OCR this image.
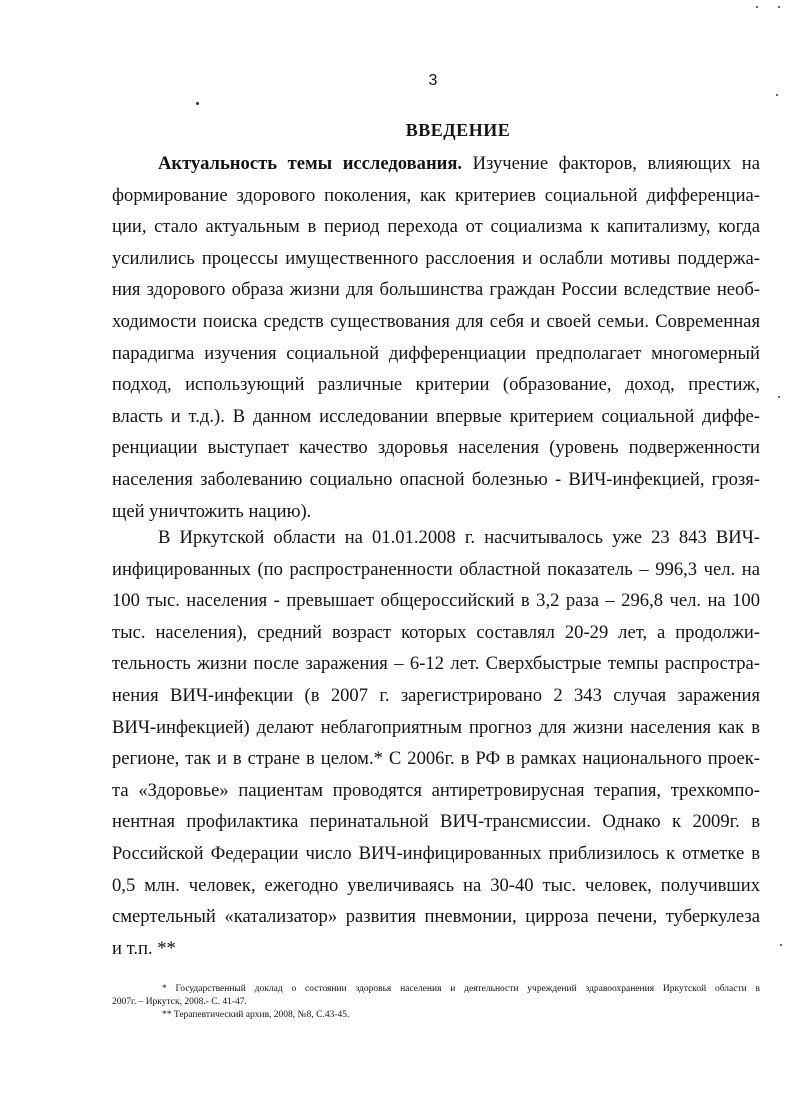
3
ВВЕДЕНИЕ
Актуальность темы исследования. Изучение факторов, влияющих на
формирование здорового поколения, как критериев социальной дифференциа-
ции, стало актуальным в период перехода от социализма к капитализму, когда
усилились процессы имущественного расслоения и ослабли мотивы поддержа-
ния здорового образа жизни для большинства граждан России вследствие необ-
ходимости поиска средств существования для себя и своей семьи. Современная
парадигма изучения социальной дифференциации предполагает многомерный
подход, использующий различные критерии (образование, доход, престиж,
власть и т.д.). В данном исследовании впервые критерием социальной диффе-
ренциации выступает качество здоровья населения (уровень подверженности
населения заболеванию социально опасной болезнью - ВИЧ-инфекцией, грозя-
щей уничтожить нацию).
В Иркутской области на 01.01.2008 г. насчитывалось уже 23 843 ВИЧ-
инфицированных (по распространенности областной показатель – 996,3 чел. на
100 тыс. населения - превышает общероссийский в 3,2 раза – 296,8 чел. на 100
тыс. населения), средний возраст которых составлял 20-29 лет, а продолжи-
тельность жизни после заражения – 6-12 лет. Сверхбыстрые темпы распростра-
нения ВИЧ-инфекции (в 2007 г. зарегистрировано 2 343 случая заражения
ВИЧ-инфекцией) делают неблагоприятным прогноз для жизни населения как в
регионе, так и в стране в целом.* С 2006г. в РФ в рамках национального проек-
та «Здоровье» пациентам проводятся антиретровирусная терапия, трехкомпо-
нентная профилактика перинатальной ВИЧ-трансмиссии. Однако к 2009г. в
Российской Федерации число ВИЧ-инфицированных приблизилось к отметке в
0,5 млн. человек, ежегодно увеличиваясь на 30-40 тыс. человек, получивших
смертельный «катализатор» развития пневмонии, цирроза печени, туберкулеза
и т.п. **
* Государственный доклад о состоянии здоровья населения и деятельности учреждений здравоохранения Иркутской области в
2007г. – Иркутск, 2008.- С. 41-47.
** Терапевтический архив, 2008, №8, С.43-45.
